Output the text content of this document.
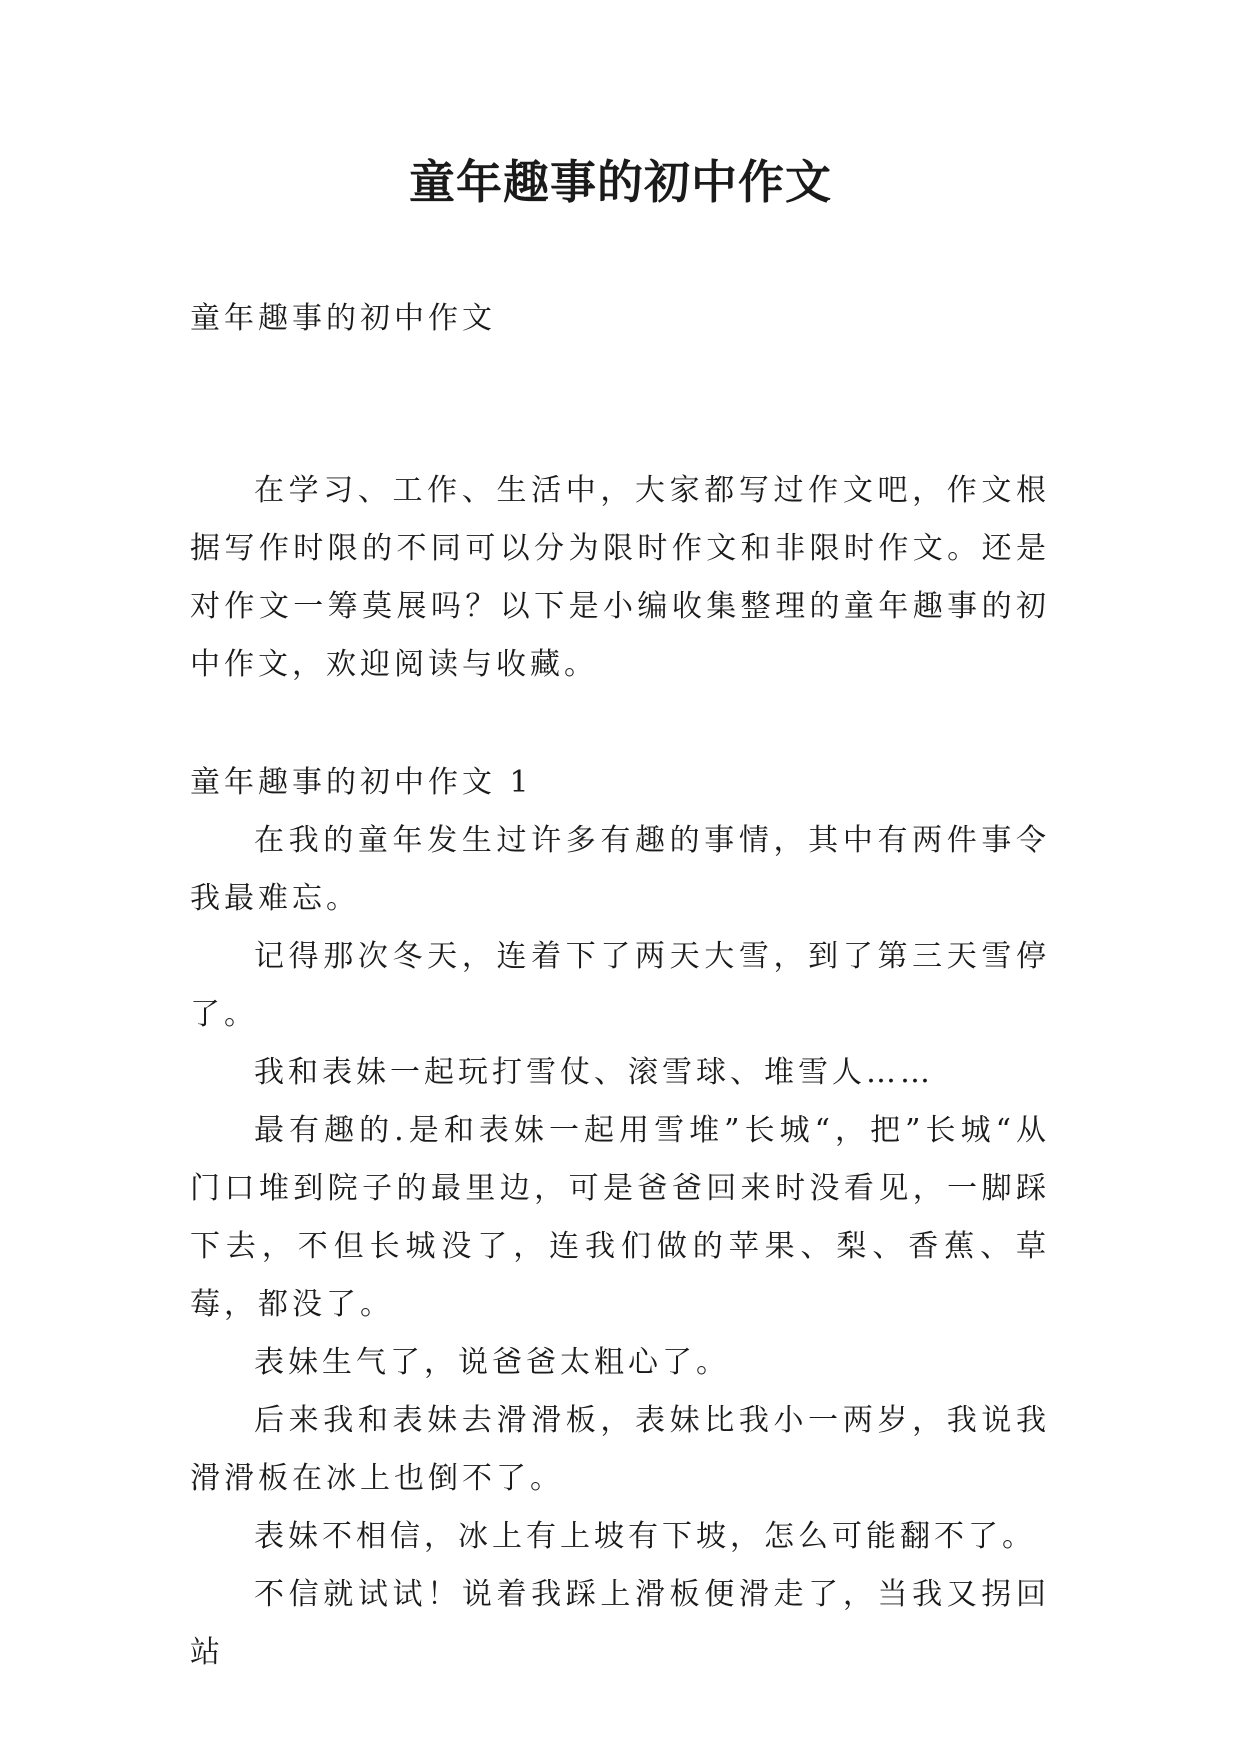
童年趣事的初中作文
童年趣事的初中作文

在学习、工作、生活中，大家都写过作文吧，作文根据写作时限的不同可以分为限时作文和非限时作文。还是对作文一筹莫展吗？以下是小编收集整理的童年趣事的初中作文，欢迎阅读与收藏。

童年趣事的初中作文 1

在我的童年发生过许多有趣的事情，其中有两件事令我最难忘。

记得那次冬天，连着下了两天大雪，到了第三天雪停了。

我和表妹一起玩打雪仗、滚雪球、堆雪人……

最有趣的.是和表妹一起用雪堆”长城“，把”长城“从门口堆到院子的最里边，可是爸爸回来时没看见，一脚踩下去，不但长城没了，连我们做的苹果、梨、香蕉、草莓，都没了。

表妹生气了，说爸爸太粗心了。

后来我和表妹去滑滑板，表妹比我小一两岁，我说我滑滑板在冰上也倒不了。

表妹不相信，冰上有上坡有下坡，怎么可能翻不了。

不信就试试！说着我踩上滑板便滑走了，当我又拐回站
